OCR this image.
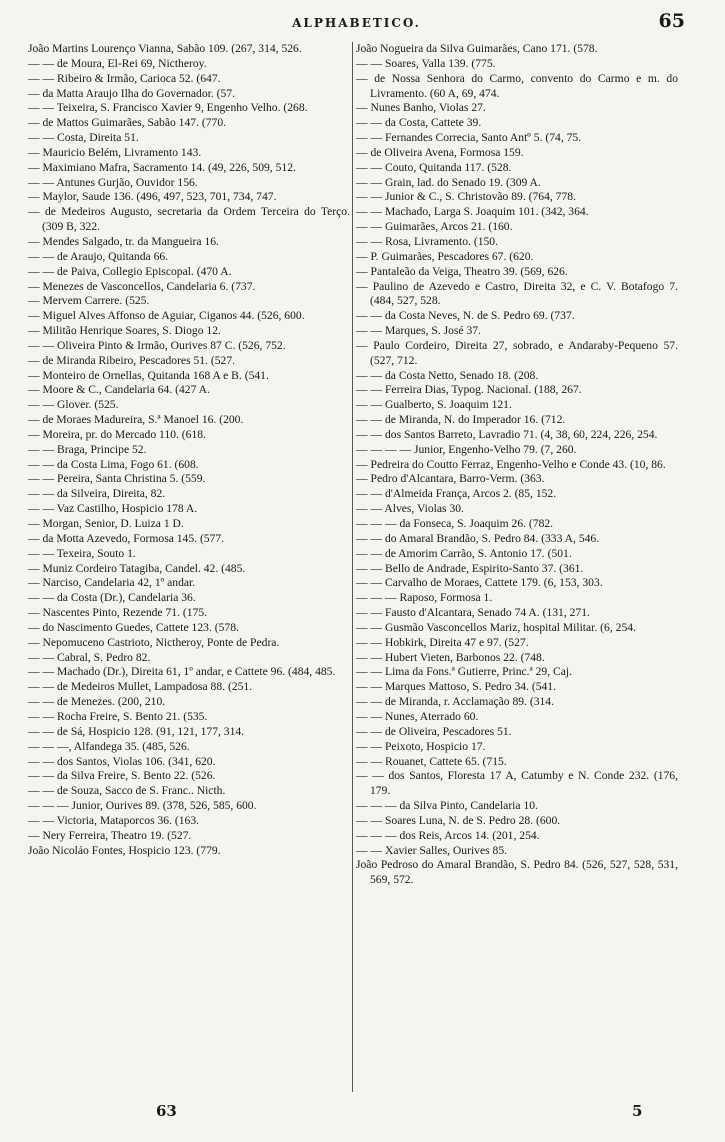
ALPHABETICO.	65

João Martins Lourenço Vianna, Sabão 109. (267, 314, 526.

— — de Moura, El-Rei 69, Nictheroy.

— — Ribeiro & Irmão, Carioca 52. (647.

— da Matta Araujo Ilha do Governador. (57.

— — Teixeira, S. Francisco Xavier 9, Engenho Velho. (268.

— de Mattos Guimarães, Sabão 147. (770.

— — Costa, Direita 51.

— Mauricio Belém, Livramento 143.

— Maximiano Mafra, Sacramento 14. (49, 226, 509, 512.

— — Antunes Gurjão, Ouvidor 156.

— Maylor, Saude 136. (496, 497, 523, 701, 734, 747.

— de Medeiros Augusto, secretaria da Ordem Terceira do Terço. (309 B, 322.

— Mendes Salgado, tr. da Mangueira 16.

— — de Araujo, Quitanda 66.

— — de Paiva, Collegio Episcopal. (470 A.

— Menezes de Vasconcellos, Candelaria 6. (737.

— Mervem Carrere. (525.

— Miguel Alves Affonso de Aguiar, Ciganos 44. (526, 600.

— Militão Henrique Soares, S. Diogo 12.

— — Oliveira Pinto & Irmão, Ourives 87 C. (526, 752.

— de Miranda Ribeiro, Pescadores 51. (527.

— Monteiro de Ornellas, Quitanda 168 A e B. (541.

— Moore & C., Candelaria 64. (427 A.

— — Glover. (525.

— de Moraes Madureira, S.ª Manoel 16. (200.

— Moreira, pr. do Mercado 110. (618.

— — Braga, Principe 52.

— — da Costa Lima, Fogo 61. (608.

— — Pereira, Santa Christina 5. (559.

— — da Silveira, Direita, 82.

— — Vaz Castilho, Hospicio 178 A.

— Morgan, Senior, D. Luiza 1 D.

— da Motta Azevedo, Formosa 145. (577.

— — Texeira, Souto 1.

— Muniz Cordeiro Tatagiba, Candel. 42. (485.

— Narciso, Candelaria 42, 1º andar.

— — da Costa (Dr.), Candelaria 36.

— Nascentes Pinto, Rezende 71. (175.

— do Nascimento Guedes, Cattete 123. (578.

— Nepomuceno Castrioto, Nictheroy, Ponte de Pedra.

— — Cabral, S. Pedro 82.

— — Machado (Dr.), Direita 61, 1º andar, e Cattete 96. (484, 485.

— — de Medeiros Mullet, Lampadosa 88. (251.

— — de Menezes. (200, 210.

— — Rocha Freire, S. Bento 21. (535.

— — de Sá, Hospicio 128. (91, 121, 177, 314.

— — —, Alfandega 35. (485, 526.

— — dos Santos, Violas 106. (341, 620.

— — da Silva Freire, S. Bento 22. (526.

— — de Souza, Sacco de S. Franc.. Nicth.

— — — Junior, Ourives 89. (378, 526, 585, 600.

— — Victoria, Mataporcos 36. (163.

— Nery Ferreira, Theatro 19. (527.

João Nicoláo Fontes, Hospicio 123. (779.

João Nogueira da Silva Guimarães, Cano 171. (578.

— — Soares, Valla 139. (775.

— de Nossa Senhora do Carmo, convento do Carmo e m. do Livramento. (60 A, 69, 474.

— Nunes Banho, Violas 27.

— — da Costa, Cattete 39.

— — Fernandes Correcia, Santo Antº 5. (74, 75.

— de Oliveira Avena, Formosa 159.

— — Couto, Quitanda 117. (528.

— — Grain, lad. do Senado 19. (309 A.

— — Junior & C., S. Christovão 89. (764, 778.

— — Machado, Larga S. Joaquim 101. (342, 364.

— — Guimarães, Arcos 21. (160.

— — Rosa, Livramento. (150.

— P. Guimarães, Pescadores 67. (620.

— Pantaleão da Veiga, Theatro 39. (569, 626.

— Paulino de Azevedo e Castro, Direita 32, e C. V. Botafogo 7. (484, 527, 528.

— — da Costa Neves, N. de S. Pedro 69. (737.

— — Marques, S. José 37.

— Paulo Cordeiro, Direita 27, sobrado, e Andaraby-Pequeno 57. (527, 712.

— — da Costa Netto, Senado 18. (208.

— — Ferreira Dias, Typog. Nacional. (188, 267.

— — Gualberto, S. Joaquim 121.

— — de Miranda, N. do Imperador 16. (712.

— — dos Santos Barreto, Lavradio 71. (4, 38, 60, 224, 226, 254.

— — — — Junior, Engenho-Velho 79. (7, 260.

— Pedreira do Coutto Ferraz, Engenho-Velho e Conde 43. (10, 86.

— Pedro d'Alcantara, Barro-Verm. (363.

— — d'Almeida França, Arcos 2. (85, 152.

— — Alves, Violas 30.

— — — da Fonseca, S. Joaquim 26. (782.

— — do Amaral Brandão, S. Pedro 84. (333 A, 546.

— — de Amorim Carrão, S. Antonio 17. (501.

— — Bello de Andrade, Espirito-Santo 37. (361.

— — Carvalho de Moraes, Cattete 179. (6, 153, 303.

— — — Raposo, Formosa 1.

— — Fausto d'Alcantara, Senado 74 A. (131, 271.

— — Gusmão Vasconcellos Mariz, hospital Militar. (6, 254.

— — Hobkirk, Direita 47 e 97. (527.

— — Hubert Vieten, Barbonos 22. (748.

— — Lima da Fons.ª Gutierre, Princ.ª 29, Caj.

— — Marques Mattoso, S. Pedro 34. (541.

— — de Miranda, r. Acclamação 89. (314.

— — Nunes, Aterrado 60.

— — de Oliveira, Pescadores 51.

— — Peixoto, Hospicio 17.

— — Rouanet, Cattete 65. (715.

— — dos Santos, Floresta 17 A, Catumby e N. Conde 232. (176, 179.

— — — da Silva Pinto, Candelaria 10.

— — Soares Luna, N. de S. Pedro 28. (600.

— — — dos Reis, Arcos 14. (201, 254.

— — Xavier Salles, Ourives 85.

João Pedroso do Amaral Brandão, S. Pedro 84. (526, 527, 528, 531, 569, 572.

63	5
